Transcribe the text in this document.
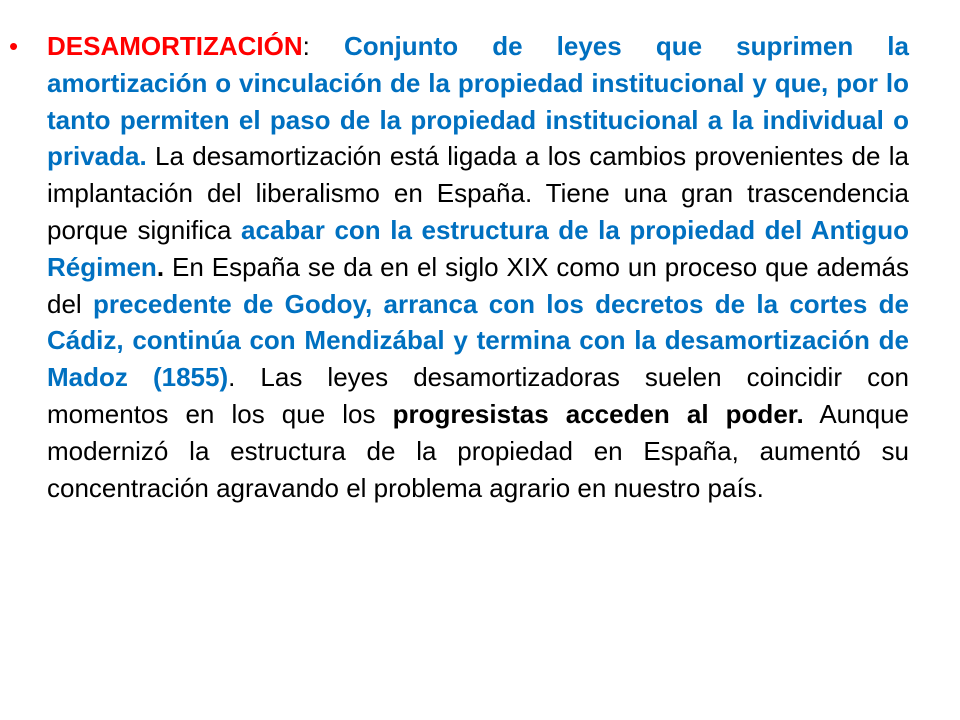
• DESAMORTIZACIÓN: Conjunto de leyes que suprimen la amortización o vinculación de la propiedad institucional y que, por lo tanto permiten el paso de la propiedad institucional a la individual o privada. La desamortización está ligada a los cambios provenientes de la implantación del liberalismo en España. Tiene una gran trascendencia porque significa acabar con la estructura de la propiedad del Antiguo Régimen. En España se da en el siglo XIX como un proceso que además del precedente de Godoy, arranca con los decretos de la cortes de Cádiz, continúa con Mendizábal y termina con la desamortización de Madoz (1855). Las leyes desamortizadoras suelen coincidir con momentos en los que los progresistas acceden al poder. Aunque modernizó la estructura de la propiedad en España, aumentó su concentración agravando el problema agrario en nuestro país.
